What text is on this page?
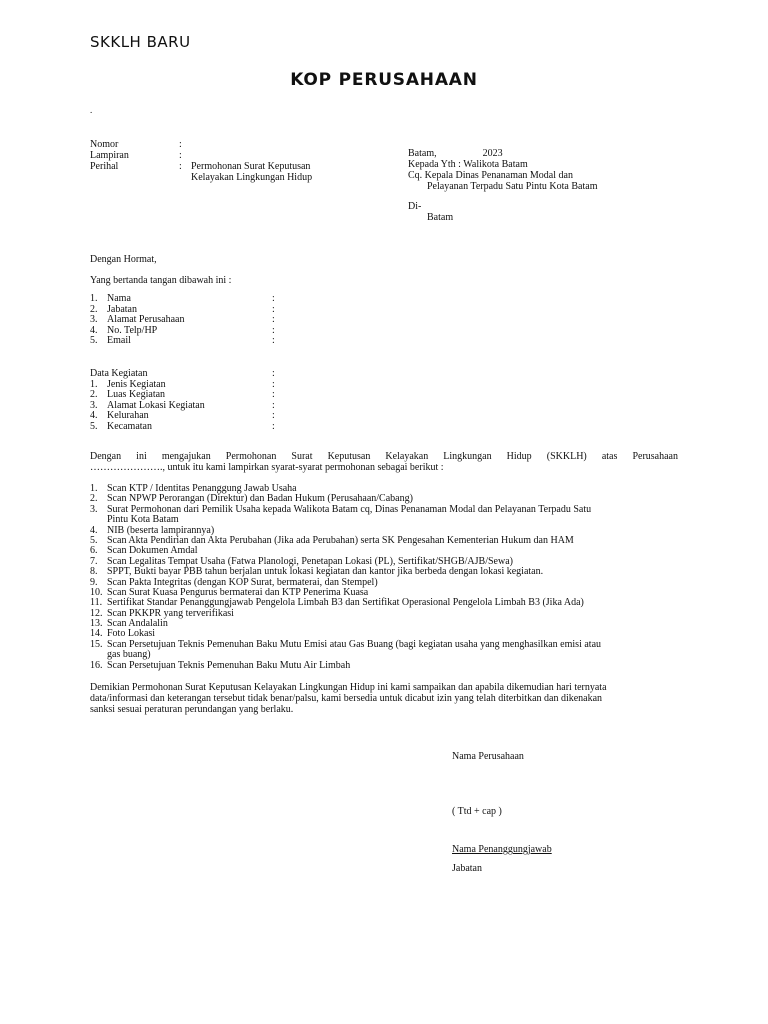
SKKLH BARU
KOP PERUSAHAAN
.
Nomor	:
Lampiran	:
Perihal	: Permohonan Surat Keputusan
Kelayakan Lingkungan Hidup
Batam,	2023
Kepada Yth : Walikota Batam
Cq. Kepala Dinas Penanaman Modal dan
Pelayanan Terpadu Satu Pintu Kota Batam
Di-
Batam
Dengan Hormat,
Yang bertanda tangan dibawah ini :
1. Nama	:
2. Jabatan	:
3. Alamat Perusahaan	:
4. No. Telp/HP	:
5. Email	:
Data Kegiatan	:
1. Jenis Kegiatan	:
2. Luas Kegiatan	:
3. Alamat Lokasi Kegiatan	:
4. Kelurahan	:
5. Kecamatan	:
Dengan ini mengajukan Permohonan Surat Keputusan Kelayakan Lingkungan Hidup (SKKLH) atas Perusahaan
…………………., untuk itu kami lampirkan syarat-syarat permohonan sebagai berikut :
1. Scan KTP / Identitas Penanggung Jawab Usaha
2. Scan NPWP Perorangan (Direktur) dan Badan Hukum (Perusahaan/Cabang)
3. Surat Permohonan dari Pemilik Usaha kepada Walikota Batam cq, Dinas Penanaman Modal dan Pelayanan Terpadu Satu
Pintu Kota Batam
4. NIB (beserta lampirannya)
5. Scan Akta Pendirian dan Akta Perubahan (Jika ada Perubahan) serta SK Pengesahan Kementerian Hukum dan HAM
6. Scan Dokumen Amdal
7. Scan Legalitas Tempat Usaha (Fatwa Planologi, Penetapan Lokasi (PL), Sertifikat/SHGB/AJB/Sewa)
8. SPPT, Bukti bayar PBB tahun berjalan untuk lokasi kegiatan dan kantor jika berbeda dengan lokasi kegiatan.
9. Scan Pakta Integritas (dengan KOP Surat, bermaterai, dan Stempel)
10. Scan Surat Kuasa Pengurus bermaterai dan KTP Penerima Kuasa
11. Sertifikat Standar Penanggungjawab Pengelola Limbah B3 dan Sertifikat Operasional Pengelola Limbah B3 (Jika Ada)
12. Scan PKKPR yang terverifikasi
13. Scan Andalalin
14. Foto Lokasi
15. Scan Persetujuan Teknis Pemenuhan Baku Mutu Emisi atau Gas Buang (bagi kegiatan usaha yang menghasilkan emisi atau
gas buang)
16. Scan Persetujuan Teknis Pemenuhan Baku Mutu Air Limbah
Demikian Permohonan Surat Keputusan Kelayakan Lingkungan Hidup ini kami sampaikan dan apabila dikemudian hari ternyata
data/informasi dan keterangan tersebut tidak benar/palsu, kami bersedia untuk dicabut izin yang telah diterbitkan dan dikenakan
sanksi sesuai peraturan perundangan yang berlaku.
Nama Perusahaan
( Ttd + cap )
Nama Penanggungjawab
Jabatan
